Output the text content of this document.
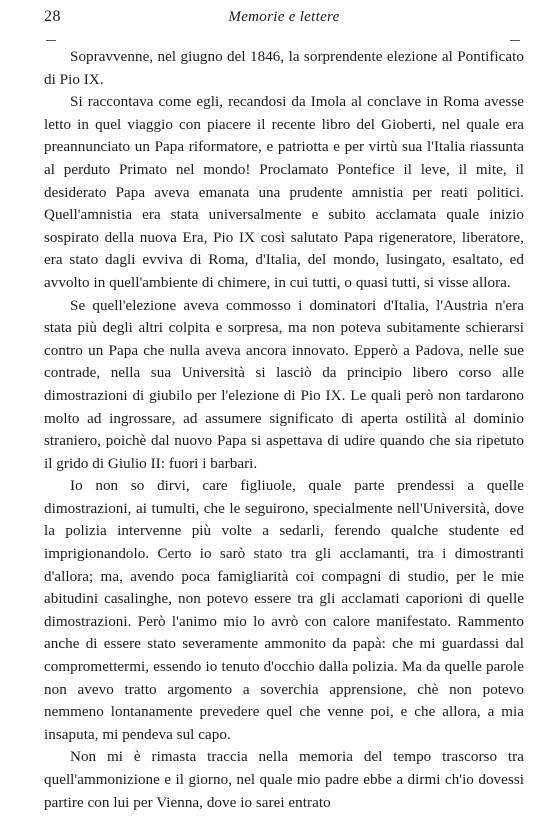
28	Memorie e lettere

Sopravvenne, nel giugno del 1846, la sorprendente elezione al Pontificato di Pio IX.

Si raccontava come egli, recandosi da Imola al conclave in Roma avesse letto in quel viaggio con piacere il recente libro del Gioberti, nel quale era preannunciato un Papa riformatore, e patriotta e per virtù sua l'Italia riassunta al perduto Primato nel mondo! Proclamato Pontefice il leve, il mite, il desiderato Papa aveva emanata una prudente amnistia per reati politici. Quell'amnistia era stata universalmente e subito acclamata quale inizio sospirato della nuova Era, Pio IX così salutato Papa rigeneratore, liberatore, era stato dagli evviva di Roma, d'Italia, del mondo, lusingato, esaltato, ed avvolto in quell'ambiente di chimere, in cui tutti, o quasi tutti, si visse allora.

Se quell'elezione aveva commosso i dominatori d'Italia, l'Austria n'era stata più degli altri colpita e sorpresa, ma non poteva subitamente schierarsi contro un Papa che nulla aveva ancora innovato. Epperò a Padova, nelle sue contrade, nella sua Università si lasciò da principio libero corso alle dimostrazioni di giubilo per l'elezione di Pio IX. Le quali però non tardarono molto ad ingrossare, ad assumere significato di aperta ostilità al dominio straniero, poichè dal nuovo Papa si aspettava di udire quando che sia ripetuto il grido di Giulio II: fuori i barbari.

Io non so dirvi, care figliuole, quale parte prendessi a quelle dimostrazioni, ai tumulti, che le seguirono, specialmente nell'Università, dove la polizia intervenne più volte a sedarli, ferendo qualche studente ed imprigionandolo. Certo io sarò stato tra gli acclamanti, tra i dimostranti d'allora; ma, avendo poca famigliarità coi compagni di studio, per le mie abitudini casalinghe, non potevo essere tra gli acclamati caporioni di quelle dimostrazioni. Però l'animo mio lo avrò con calore manifestato. Rammento anche di essere stato severamente ammonito da papà: che mi guardassi dal compromettermi, essendo io tenuto d'occhio dalla polizia. Ma da quelle parole non avevo tratto argomento a soverchia apprensione, chè non potevo nemmeno lontanamente prevedere quel che venne poi, e che allora, a mia insaputa, mi pendeva sul capo.

Non mi è rimasta traccia nella memoria del tempo trascorso tra quell'ammonizione e il giorno, nel quale mio padre ebbe a dirmi ch'io dovessi partire con lui per Vienna, dove io sarei entrato
